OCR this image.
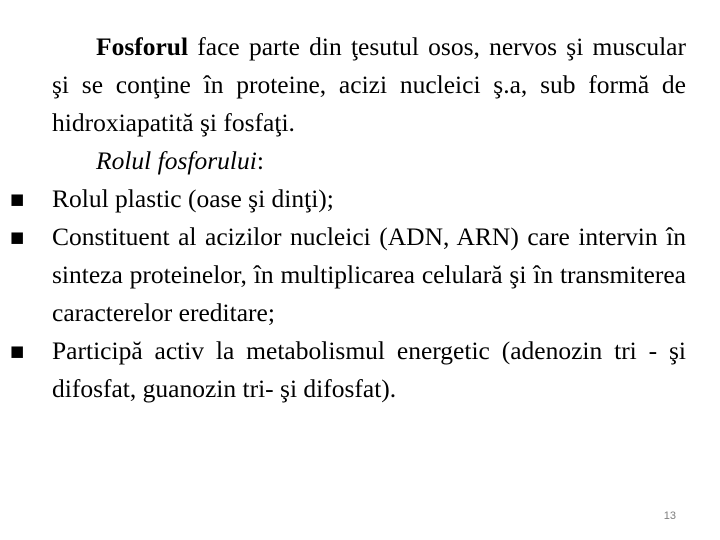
Fosforul face parte din ţesutul osos, nervos şi muscular şi se conţine în proteine, acizi nucleici ş.a, sub formă de hidroxiapatită şi fosfaţi.

Rolul fosforului:

■ Rolul plastic (oase şi dinţi);
■ Constituent al acizilor nucleici (ADN, ARN) care intervin în sinteza proteinelor, în multiplicarea celulară şi în transmiterea caracterelor ereditare;
■ Participă activ la metabolismul energetic (adenozin tri - şi difosfat, guanozin tri- şi difosfat).
13
